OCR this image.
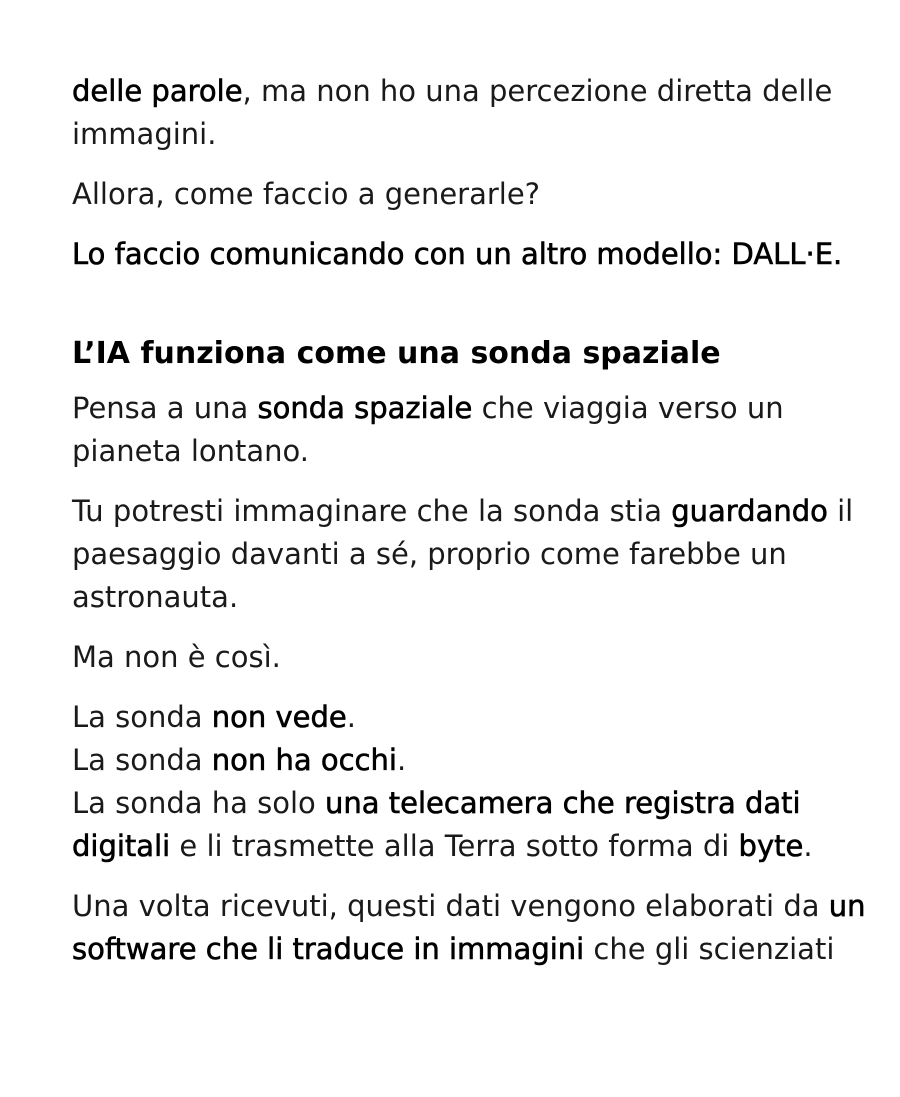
delle parole, ma non ho una percezione diretta delle immagini.

Allora, come faccio a generarle?

Lo faccio comunicando con un altro modello: DALL·E.

L’IA funziona come una sonda spaziale

Pensa a una sonda spaziale che viaggia verso un pianeta lontano.

Tu potresti immaginare che la sonda stia guardando il paesaggio davanti a sé, proprio come farebbe un astronauta.

Ma non è così.

La sonda non vede.
La sonda non ha occhi.
La sonda ha solo una telecamera che registra dati digitali e li trasmette alla Terra sotto forma di byte.

Una volta ricevuti, questi dati vengono elaborati da un software che li traduce in immagini che gli scienziati
